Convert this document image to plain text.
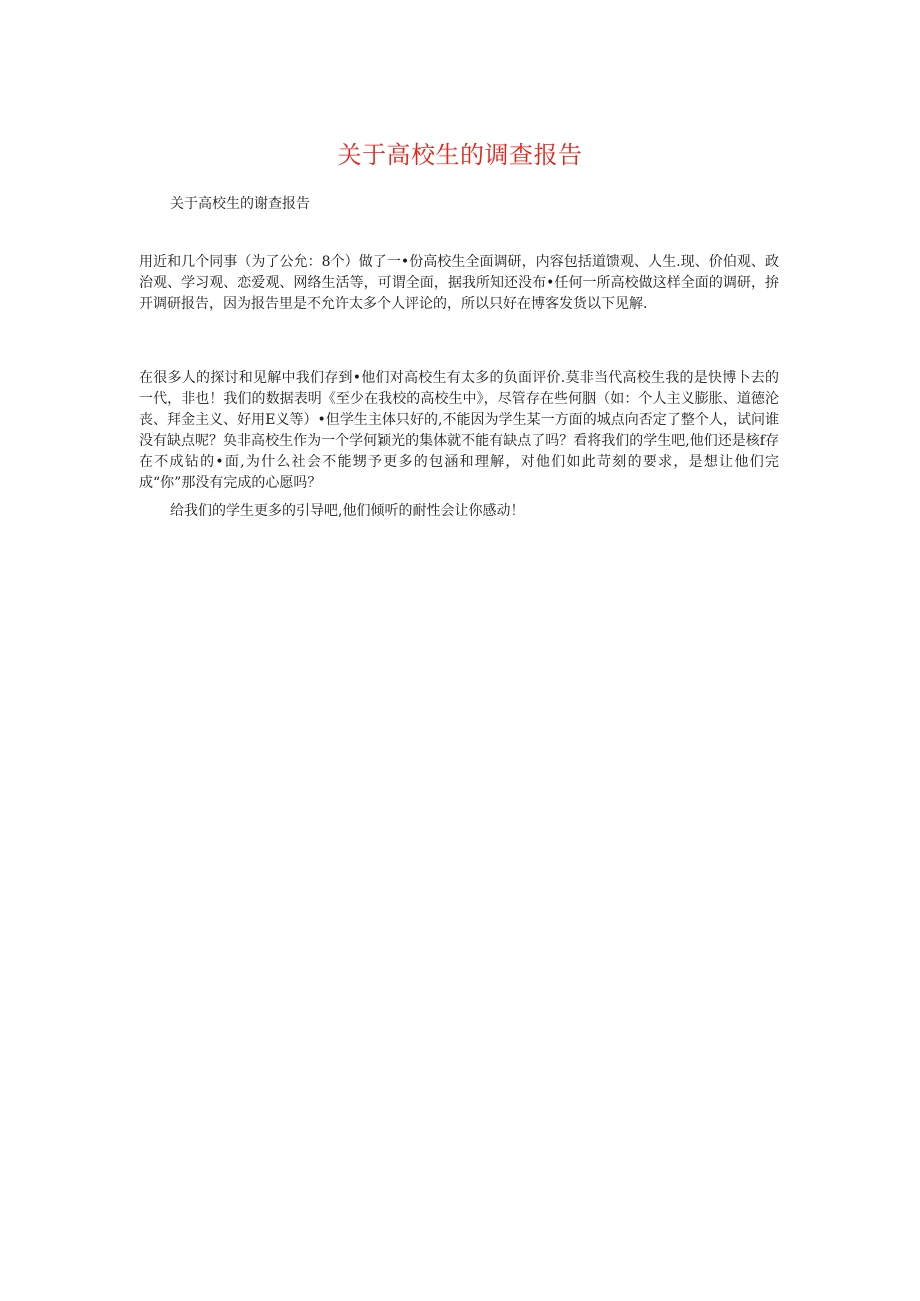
关于高校生的调查报告

关于高校生的谢查报告

用近和几个同事（为了公允：8个）做了一•份高校生全面调研，内容包括道馈观、人生.现、价伯观、政治观、学习观、恋爱观、网络生活等，可谓全面，据我所知还没布•任何一所高校做这样全面的调研，拚开调研报告，因为报告里是不允许太多个人评论的，所以只好在博客发货以下见解.

在很多人的探讨和见解中我们存到•他们对高校生有太多的负面评价.莫非当代高校生我的是快博卜去的一代，非也！我们的数据表明《至少在我校的高校生中》，尽管存在些何胭（如：个人主义膨胀、道德沦丧、拜金主义、好用E义等）•但学生主体只好的,不能因为学生某一方面的城点向否定了整个人，试问谁没有缺点呢？奂非高校生作为一个学何颖光的集体就不能有缺点了吗？看将我们的学生吧,他们还是核f存在不成钻的•面,为什么社会不能甥予更多的包涵和理解，对他们如此苛刻的要求，是想让他们完成“你”那没有完成的心愿吗？

给我们的学生更多的引导吧,他们倾听的耐性会让你感动！
